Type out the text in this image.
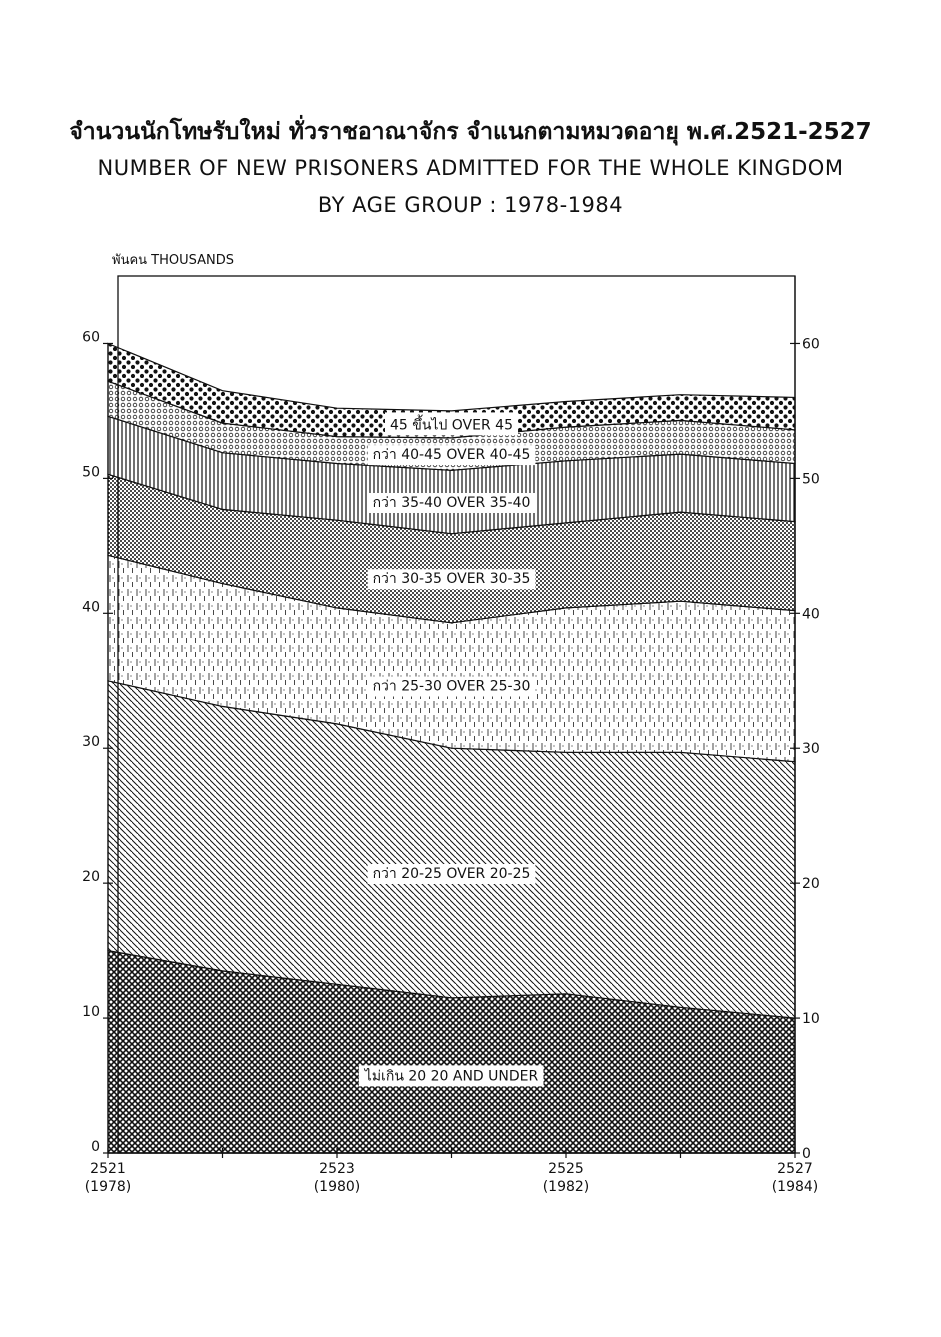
จำนวนนักโทษรับใหม่ ทั่วราชอาณาจักร จำแนกตามหมวดอายุ พ.ศ.2521-2527
NUMBER OF NEW PRISONERS ADMITTED FOR THE WHOLE KINGDOM
BY AGE GROUP : 1978-1984
0	0
10	10
20	20
30	30
40	40
50	50
60	60
2521
(1978)
2523
(1980)
2525
(1982)
2527
(1984)
พันคน THOUSANDS
ไม่เกิน 20 20 AND UNDER
กว่า 20-25 OVER 20-25
กว่า 25-30 OVER 25-30
กว่า 30-35 OVER 30-35
กว่า 35-40 OVER 35-40
กว่า 40-45 OVER 40-45
45 ขึ้นไป OVER 45
